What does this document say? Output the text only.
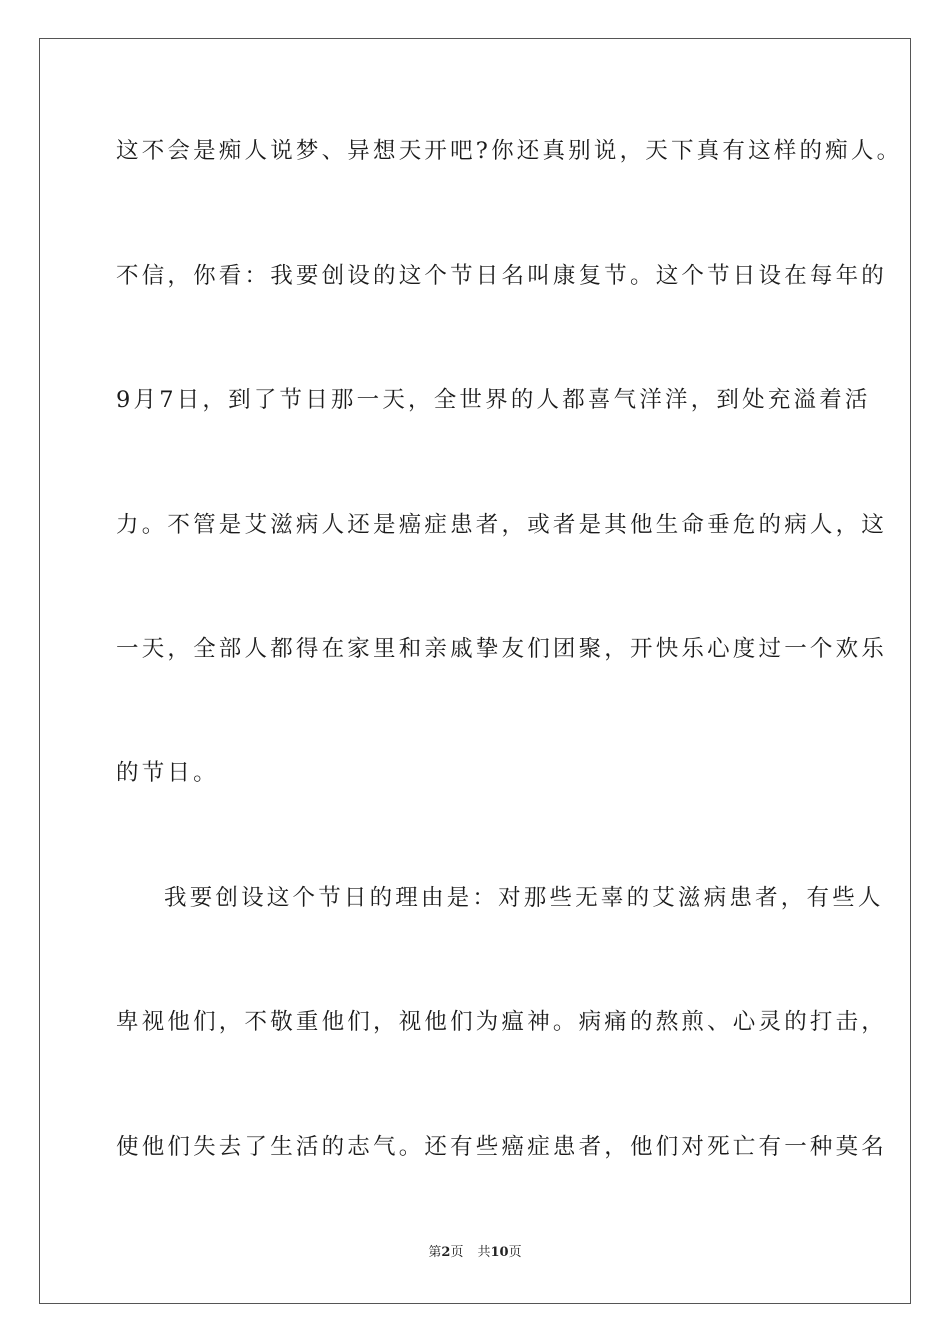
这不会是痴人说梦、异想天开吧?你还真别说，天下真有这样的痴人。
不信，你看：我要创设的这个节日名叫康复节。这个节日设在每年的
9月7日，到了节日那一天，全世界的人都喜气洋洋，到处充溢着活
力。不管是艾滋病人还是癌症患者，或者是其他生命垂危的病人，这
一天，全部人都得在家里和亲戚挚友们团聚，开快乐心度过一个欢乐
的节日。
我要创设这个节日的理由是：对那些无辜的艾滋病患者，有些人
卑视他们，不敬重他们，视他们为瘟神。病痛的熬煎、心灵的打击，
使他们失去了生活的志气。还有些癌症患者，他们对死亡有一种莫名
第2页 共10页
